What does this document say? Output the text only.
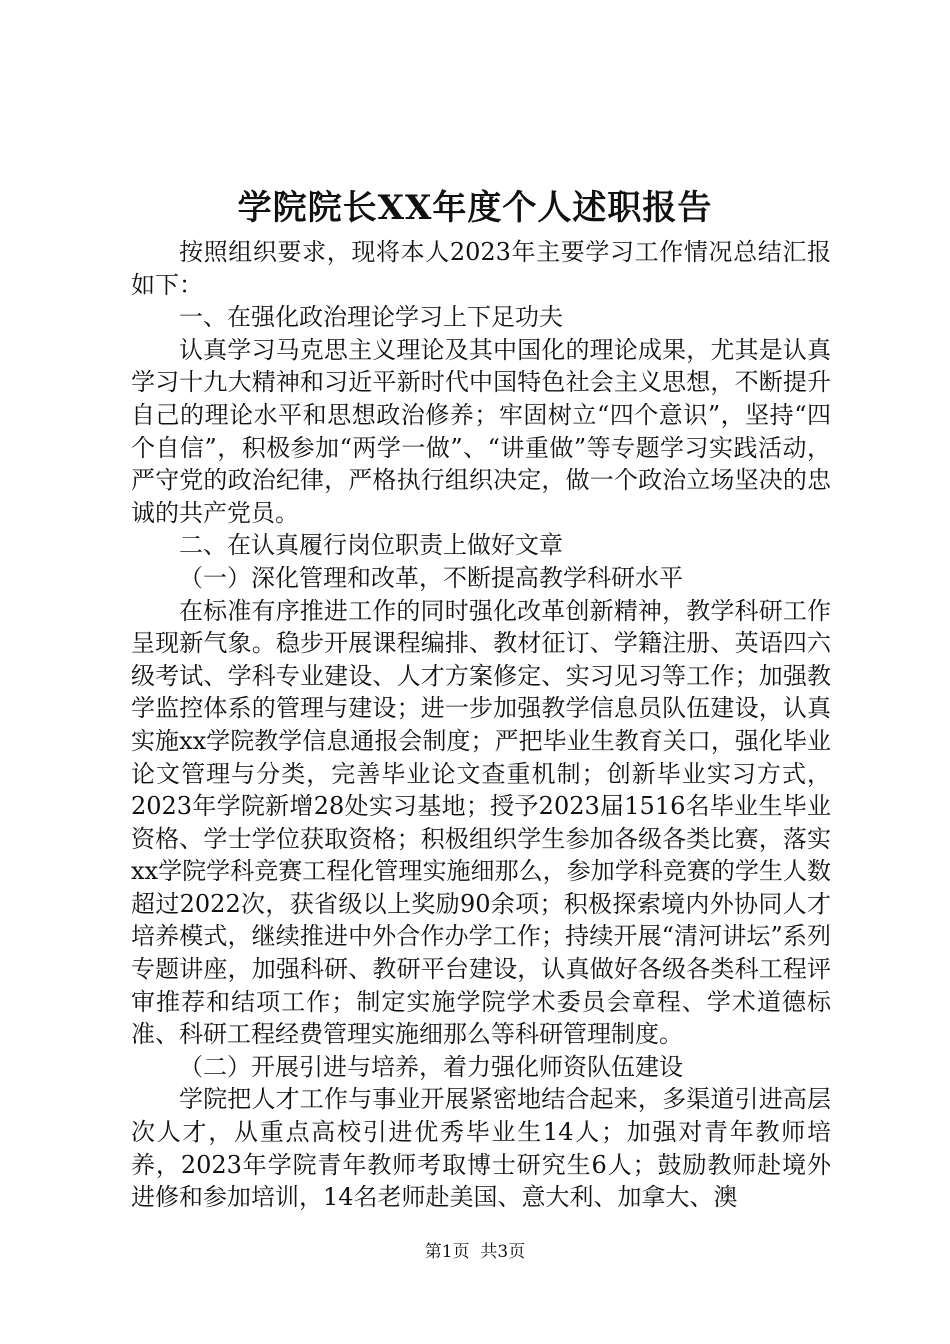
学院院长XX年度个人述职报告

按照组织要求，现将本人2023年主要学习工作情况总结汇报如下：

一、在强化政治理论学习上下足功夫

认真学习马克思主义理论及其中国化的理论成果，尤其是认真学习十九大精神和习近平新时代中国特色社会主义思想，不断提升自己的理论水平和思想政治修养；牢固树立“四个意识”，坚持“四个自信”，积极参加“两学一做”、“讲重做”等专题学习实践活动，严守党的政治纪律，严格执行组织决定，做一个政治立场坚决的忠诚的共产党员。

二、在认真履行岗位职责上做好文章

（一）深化管理和改革，不断提高教学科研水平

在标准有序推进工作的同时强化改革创新精神，教学科研工作呈现新气象。稳步开展课程编排、教材征订、学籍注册、英语四六级考试、学科专业建设、人才方案修定、实习见习等工作；加强教学监控体系的管理与建设；进一步加强教学信息员队伍建设，认真实施xx学院教学信息通报会制度；严把毕业生教育关口，强化毕业论文管理与分类，完善毕业论文查重机制；创新毕业实习方式，2023年学院新增28处实习基地；授予2023届1516名毕业生毕业资格、学士学位获取资格；积极组织学生参加各级各类比赛，落实xx学院学科竞赛工程化管理实施细那么，参加学科竞赛的学生人数超过2022次，获省级以上奖励90余项；积极探索境内外协同人才培养模式，继续推进中外合作办学工作；持续开展“清河讲坛”系列专题讲座，加强科研、教研平台建设，认真做好各级各类科工程评审推荐和结项工作；制定实施学院学术委员会章程、学术道德标准、科研工程经费管理实施细那么等科研管理制度。

（二）开展引进与培养，着力强化师资队伍建设

学院把人才工作与事业开展紧密地结合起来，多渠道引进高层次人才，从重点高校引进优秀毕业生14人；加强对青年教师培养，2023年学院青年教师考取博士研究生6人；鼓励教师赴境外进修和参加培训，14名老师赴美国、意大利、加拿大、澳

第1页 共3页
